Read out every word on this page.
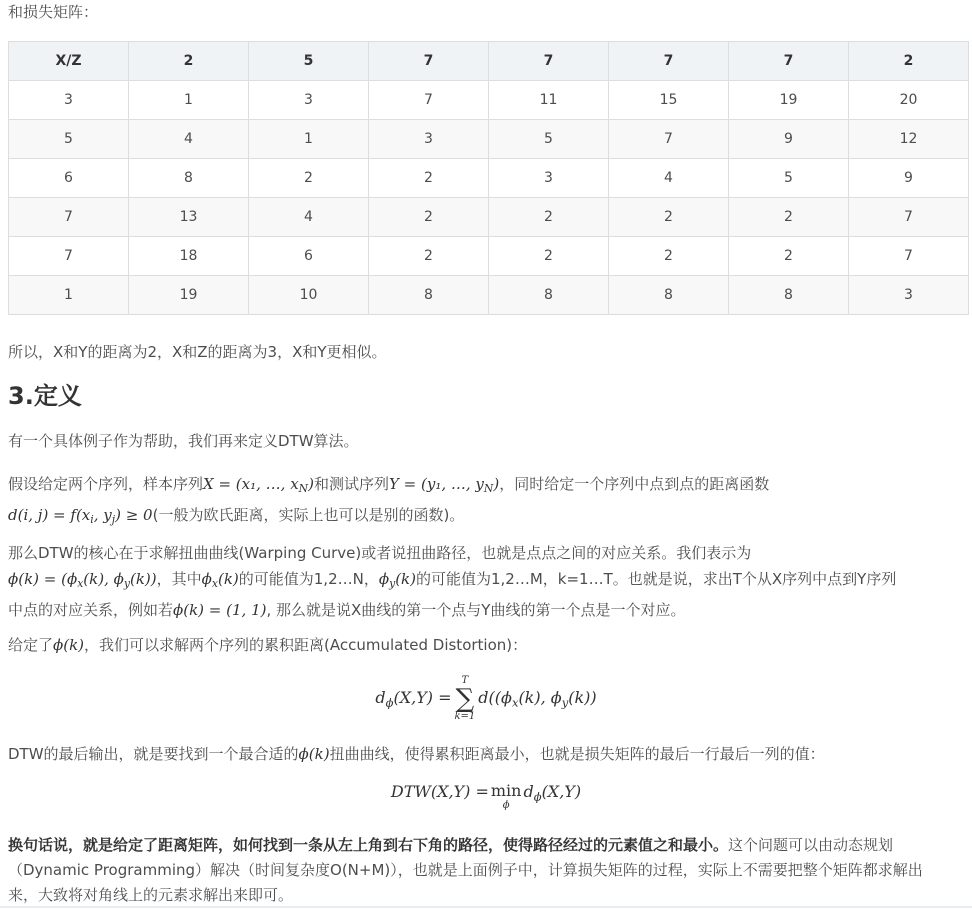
和损失矩阵：

X/Z	2	5	7	7	7	7	2
3	1	3	7	11	15	19	20
5	4	1	3	5	7	9	12
6	8	2	2	3	4	5	9
7	13	4	2	2	2	2	7
7	18	6	2	2	2	2	7
1	19	10	8	8	8	8	3

所以，X和Y的距离为2，X和Z的距离为3，X和Y更相似。

3.定义

有一个具体例子作为帮助，我们再来定义DTW算法。

假设给定两个序列，样本序列X = (x₁, …, $x_N$)和测试序列Y = (y₁, …, $y_N$)，同时给定一个序列中点到点的距离函数
d(i, $j) = f(x_i$, $y_j) \ge 0$(一般为欧氏距离，实际上也可以是别的函数)。

那么DTW的核心在于求解扭曲曲线(Warping Curve)或者说扭曲路径，也就是点点之间的对应关系。我们表示为
$\phi(k) = (\phi_x(k)$, $\phi_y(k)$)，其中$\phi_x(k)$的可能值为1,2…N，$\phi_y(k)$的可能值为1,2…M，k=1…T。也就是说，求出T个从X序列中点到Y序列
中点的对应关系，例如若ϕ(k) = (1, 1), 那么就是说X曲线的第一个点与Y曲线的第一个点是一个对应。

给定了ϕ(k)，我们可以求解两个序列的累积距离(Accumulated Distortion)：

$d_\phi(X,Y)$ =
T
∑
k=1
$d((\phi_x(k)$, $\phi_y(k)$)

DTW的最后输出，就是要找到一个最合适的ϕ(k)扭曲曲线，使得累积距离最小，也就是损失矩阵的最后一行最后一列的值：

DTW(X,Y) = min
ϕ
$d_\phi(X,Y)$

换句话说，就是给定了距离矩阵，如何找到一条从左上角到右下角的路径，使得路径经过的元素值之和最小。这个问题可以由动态规划
（Dynamic Programming）解决（时间复杂度O(N+M)），也就是上面例子中，计算损失矩阵的过程，实际上不需要把整个矩阵都求解出
来，大致将对角线上的元素求解出来即可。
